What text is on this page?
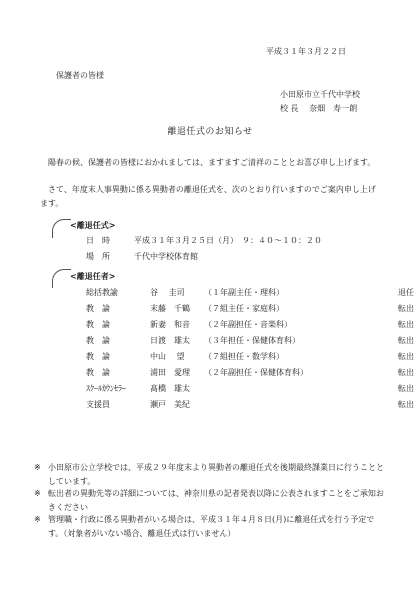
平成３１年３月２２日
保護者の皆様
小田原市立千代中学校
校 長　 奈畑　寿一朗
離退任式のお知らせ
陽春の候、保護者の皆様におかれましては、ますますご清祥のこととお喜び申し上げます。
さて、年度末人事異動に係る異動者の離退任式を、次のとおり行いますのでご案内申し上げます。
<離退任式>
日　時	平成３１年３月２５日（月）　９：４０〜１０：２０
場　所	千代中学校体育館
<離退任者>
総括教諭	谷　 圭司 （１年副主任・理科）	退任
教　論	末藤　千鶴 （７組主任・家庭科）	転出
教　論	新妻　和音 （２年副担任・音楽科）	転出
教　論	日渡　雄太 （３年担任・保健体育科）	転出
教　論	中山　 望 （７組担任・数学科）	転出
教　論	浦田　愛理 （２年副担任・保健体育科）	転出
ｽｸｰﾙｶｳﾝｾﾗｰ	髙橋　雄太	転出
支援員	瀬戸　美紀	転出
※ 小田原市公立学校では、平成２９年度末より異動者の離退任式を後期最終課業日に行うこととしています。
※ 転出者の異動先等の詳細については、神奈川県の記者発表以降に公表されますことをご承知おきください
※ 管理職・行政に係る異動者がいる場合は、平成３１年４月８日(月)に離退任式を行う予定です。（対象者がいない場合、離退任式は行いません）
